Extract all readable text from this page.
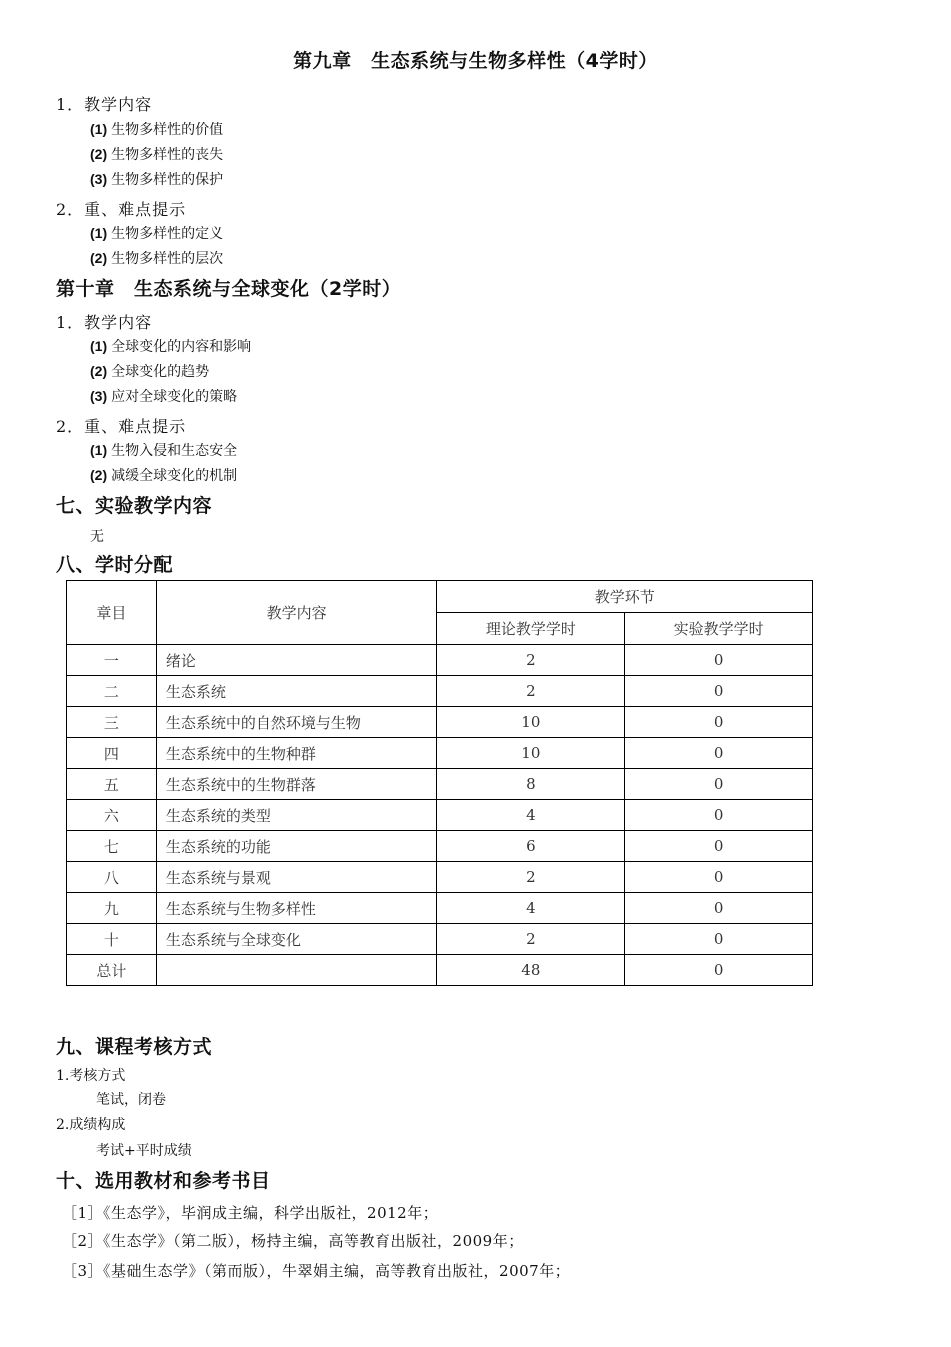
第九章　生态系统与生物多样性（4学时）
1．教学内容
(1) 生物多样性的价值
(2) 生物多样性的丧失
(3) 生物多样性的保护
2．重、难点提示
(1) 生物多样性的定义
(2) 生物多样性的层次
第十章　生态系统与全球变化（2学时）
1．教学内容
(1) 全球变化的内容和影响
(2) 全球变化的趋势
(3) 应对全球变化的策略
2．重、难点提示
(1) 生物入侵和生态安全
(2) 减缓全球变化的机制
七、实验教学内容
无
八、学时分配
章目	教学内容	教学环节	
		理论教学学时	实验教学学时
一	绪论	2	0
二	生态系统	2	0
三	生态系统中的自然环境与生物	10	0
四	生态系统中的生物种群	10	0
五	生态系统中的生物群落	8	0
六	生态系统的类型	4	0
七	生态系统的功能	6	0
八	生态系统与景观	2	0
九	生态系统与生物多样性	4	0
十	生态系统与全球变化	2	0
总计		48	0
九、课程考核方式
1.考核方式
笔试，闭卷
2.成绩构成
考试+平时成绩
十、选用教材和参考书目
［1］《生态学》，毕润成主编，科学出版社，2012年；
［2］《生态学》（第二版），杨持主编，高等教育出版社，2009年；
［3］《基础生态学》（第而版），牛翠娟主编，高等教育出版社，2007年；
